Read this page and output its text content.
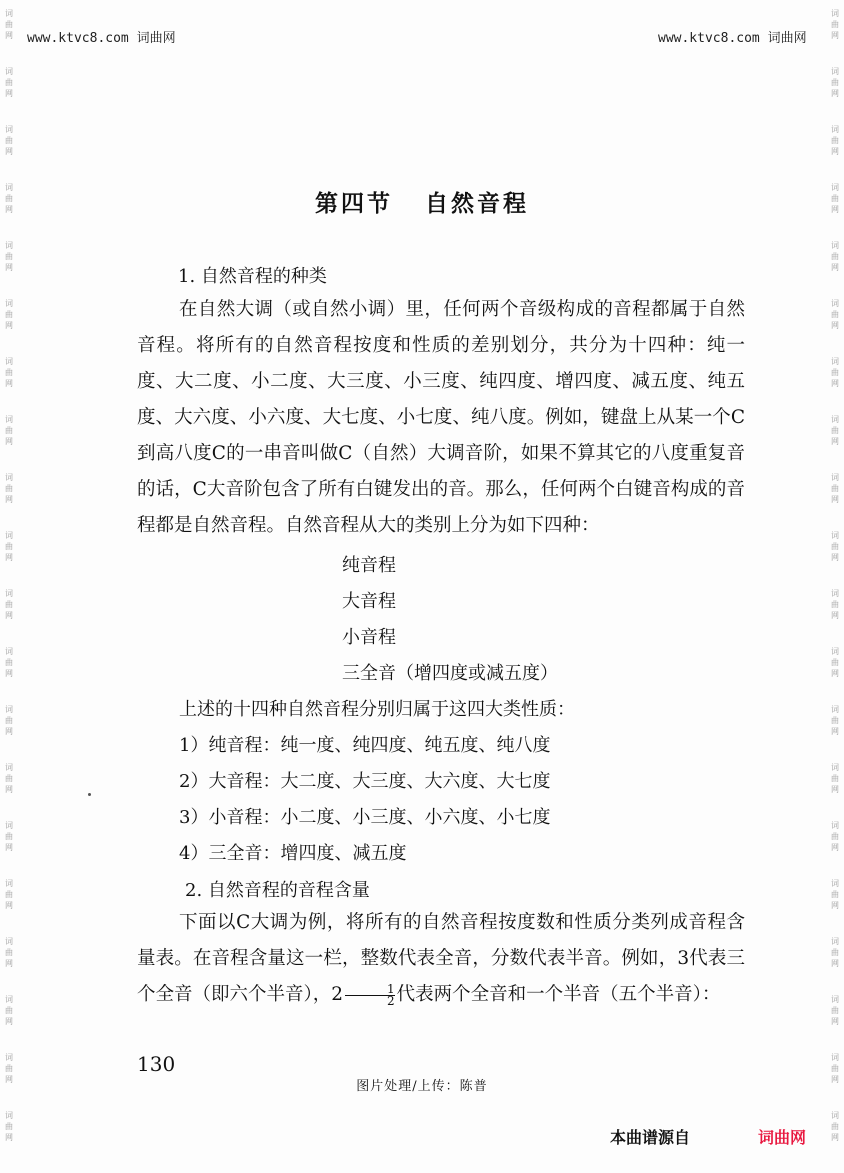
词
曲
网
词
曲
网
词
曲
网
词
曲
网
词
曲
网
词
曲
网
词
曲
网
词
曲
网
词
曲
网
词
曲
网
词
曲
网
词
曲
网
词
曲
网
词
曲
网
词
曲
网
词
曲
网
词
曲
网
词
曲
网
词
曲
网
词
曲
网
词
曲
网
词
曲
网
词
曲
网
词
曲
网
词
曲
网
词
曲
网
词
曲
网
词
曲
网
词
曲
网
词
曲
网
词
曲
网
词
曲
网
词
曲
网
词
曲
网
词
曲
网
词
曲
网
词
曲
网
词
曲
网
词
曲
网
词
曲
网
www.ktvc8.com 词曲网	www.ktvc8.com 词曲网
第四节 自然音程
1. 自然音程的种类
在自然大调（或自然小调）里，任何两个音级构成的音程都属于自然音程。将所有的自然音程按度和性质的差别划分，共分为十四种：纯一度、大二度、小二度、大三度、小三度、纯四度、增四度、减五度、纯五度、大六度、小六度、大七度、小七度、纯八度。例如，键盘上从某一个C到高八度C的一串音叫做C（自然）大调音阶，如果不算其它的八度重复音的话，C大音阶包含了所有白键发出的音。那么，任何两个白键音构成的音程都是自然音程。自然音程从大的类别上分为如下四种：
纯音程
大音程
小音程
三全音（增四度或减五度）
上述的十四种自然音程分别归属于这四大类性质：
1）纯音程：纯一度、纯四度、纯五度、纯八度
2）大音程：大二度、大三度、大六度、大七度
3）小音程：小二度、小三度、小六度、小七度
4）三全音：增四度、减五度
2. 自然音程的音程含量
下面以C大调为例，将所有的自然音程按度数和性质分类列成音程含量表。在音程含量这一栏，整数代表全音，分数代表半音。例如，3代表三个全音（即六个半音），$2 \frac{1}{2}$ 代表两个全音和一个半音（五个半音）：
130
图片处理/上传：陈普
本曲谱源自	词曲网
